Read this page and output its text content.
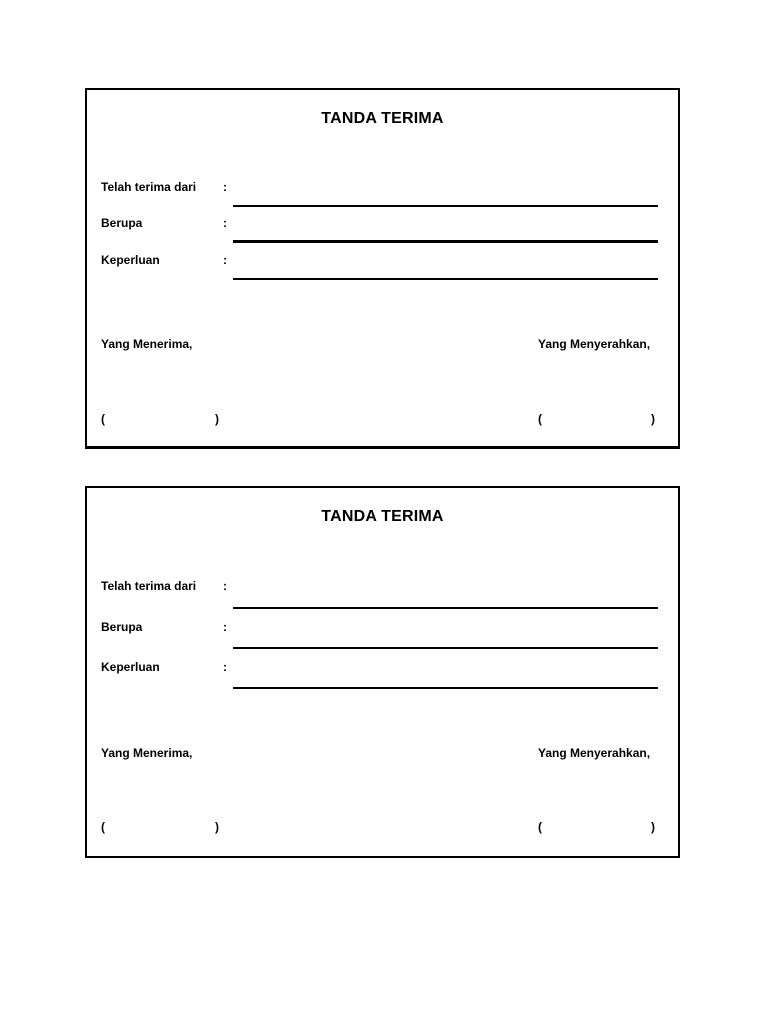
TANDA TERIMA
Telah terima dari :
Berupa	:
Keperluan	:
Yang Menerima,	Yang Menyerahkan,
(	)	(	)
TANDA TERIMA
Telah terima dari :
Berupa	:
Keperluan	:
Yang Menerima,	Yang Menyerahkan,
(	)	(	)
